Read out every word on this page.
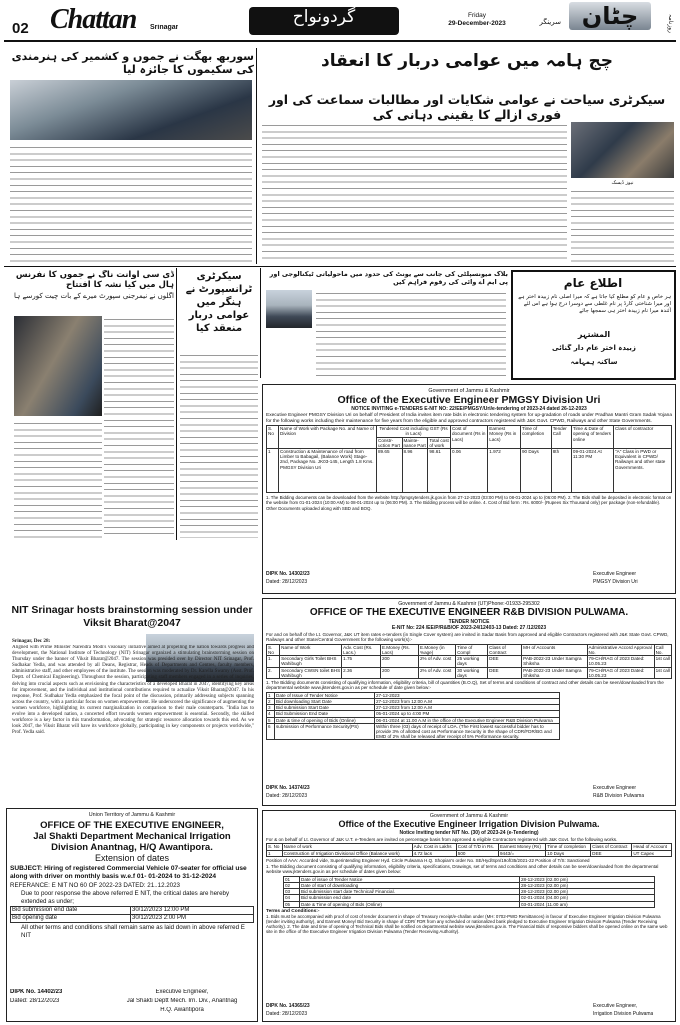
02 Chattan Srinagar
گردونواح	Friday
29-December-2023	سرینگر چٹان	روزنامہ
چج ہامہ میں عوامی دربار کا انعقاد
سیکرٹری سیاحت نے عوامی شکایات اور مطالبات سماعت کی اور فوری ازالے کا یقینی دہانی کی
نیوز ڈیسک
سوربھ بھگت نے جموں و کشمیر کی ہنرمندی کی سکیموں کا جائزہ لیا
ڈی سی اوانت ناگ نے جموں کا نفرنس ہال میں کیا نشہ کا افتتاح
اگلوں نے نیمرجنی سپورٹ میرے کے بات چیت کورسے ہا
سیکرٹری ٹرانسپورٹ نے ہنگر میں عوامی دربار منعقد کیا
بلاک میونسپلٹی کی جانب سے یونٹ کی حدود میں ماحولیاتی ٹیکنالوجی اور پی ایم اے وائی کی رقوم فراہم کیں	اطلاع عام
ہر خاص و عام کو مطلع کیا جاتا ہے کہ میرا اصلی نام زبیدہ اختر ہے اور میرا شناختی کارڈ پر نام غلطی سے دوسرا درج ہوا ہے اس لئے آئندہ میرا نام زبیدہ اختر ہی سمجھا جائے
المشتہر
زبیدہ اختر عام دار گنائی
ساکنہ ہمہامہ
Government of Jammu & Kashmir
Office of the Executive Engineer PMGSY Division Uri
NOTICE INVITING e-TENDERS E-NIT NO: 22/EE/PMGSY/Uri/e-tendering of 2023-24 dated 26-12-2023
Executive Engineer PMGSY Division Uri on behalf of President of India invites item rate bids in electronic tendering system for up-gradation of roads under Pradhan Mantri Gram Sadak Yojana for the following works including their maintenance for five years from the eligible and approved contractors registered with J&K Govt. CPWD, Railways and other State Governments.
S. No	Name of Work with Package No. and Name of Division	Tendered Cost including GST (Rs in Lacs)			Cost of document (Rs in Lacs)	Earnest Money (Rs in Lacs)	Time of completion	Tender Call	Time & Date of opening of tenders online	Class of contractor
		Constr-uction Part	Mainte-nance Part	Total cost of work						
1	Construction & Maintenance of road from Limber to Babagail, (Balance Work) Stage-2nd, Package No. JK03-145, Length 1.8 Kms. PMGSY Division Uri	89.65	8.96	98.61	0.06	1.972	90 Days	8th	09-01-2024 At 11:30 PM	"A" Class in PWD or Equivalent in CPWD/ Railways and other state Governments.
1. The Bidding documents can be downloaded from the website http://pmgsytenders.jk.gov.in from 27-12-2023 (03:00 PM) to 08-01-2024 up to (06:00 PM). 2. The Bids shall be deposited in electronic format on the website from 01-01-2024 (10:00 AM) to 08-01-2024 up to (06:00 PM). 3. The Bidding process will be online. 4. Cost of Bid form : Rs. 6000/- (Rupees Six Thousand only) per package (non-refundable). Other Documents uploaded along with SBD and BOQ.
DIPK No. 14302/23
Dated: 28/12/2023
Executive Engineer
PMGSY Division Uri
NIT Srinagar hosts brainstorming session under Viksit Bharat@2047
Srinagar, Dec 28:
Aligned with Prime Minister Narendra Modi's visionary initiative aimed at propelling the nation towards progress and development, the National Institute of Technology (NIT) Srinagar organized a stimulating brainstorming session on Thursday under the banner of Viksit Bharat@2047. The session was presided over by Director NIT Srinagar, Prof. Sudhakar Yedla, and was attended by all Deans, Registrar, Heads of Departments and Centres, faculty members, administrative staff, and other employees of the institute. The session was moderated by Dr. Karella Swamy (Asst. Prof. Deptt. of Chemical Engineering). Throughout the session, participating staff members engaged in a series of inquiries, delving into crucial aspects such as envisioning the characteristics of a developed Bharat in 2047, identifying key areas for improvement, and the individual and institutional contributions required to actualize Viksit Bharat@2047. In his response, Prof. Sudhakar Yedla emphasized the focal point of the discussion, primarily addressing subjects spanning across the country, with a particular focus on women empowerment. He underscored the significance of augmenting the women workforce, highlighting its current marginalization in comparison to their male counterparts. "India has to evolve into a developed nation, a concerted effort towards women empowerment is essential. Secondly, the skilled workforce is a key factor in this transformation, advocating for strategic resource allocation towards this end. As we look 2047, the Viksit Bharat will have its workforce globally, participating in key components or projects worldwide," Prof. Yedla said.
Government of Jammu & Kashmir (UT)Phone:-01933-295302
OFFICE OF THE EXECUTIVE ENGINEER R&B DIVISION PULWAMA.
TENDER NOTICE
E-NIT No: 224 /EE/P/R&B/OF 2023-24/12403-13 Dated: 27 /12/2023
For and on behalf of the Lt. Governor, J&K UT item rates e-tenders (in Single Cover system) are invited in Sadar Basis from approved and eligible Contractors registered with J&K State Govt. CPWD, Railways and other State/Central Government for the following work(s):-
S. No	Name of Work	Adv. Cost (Rs. Lacs.)	E.Money (Rs. Lacs)	E.Money (in %age)	Time of Compl	Class of Contract	MH of Accounts	Administrative Accord Approval No.	Call No.
1.	Secondary Girls Toilet BHS Wahibugh	1.75	200	2% of Adv. cost	25 working days	DEE	PAB-2022-23 Under Samgra Shiksha	79-CH/RAG of 2023 Dated: 10.05.23	1st call
2.	Secondary CWSN toilet BHS Wahibugh	2.36	200	2% of Adv. cost	30 working days	DEE	PAB-2022-23 Under Samgra Shiksha	79-CH/RAG of 2023 Dated: 10.05.23	1st call
1. The Bidding documents consisting of qualifying information, eligibility criteria, bill of quantities (B.O.Q), Set of terms and conditions of contract and other details can be seen/downloaded from the departmental website www.jktenders.gov.in as per schedule of date given below:-
1	Date of Issue of Tender Notice	27-12-2023
2	Bid downloading Start Date	27-12-2023 from 12:00 A.M
3	Bid submission Start Date	27-12-2023 from 12:00 A.M
4	Bid Submission End Date	05-01-2024 up to 4:00 PM
5	Date & time of opening of Bids (Online)	06-01-2024 at 11.00 A.M in the office of the Executive Engineer R&B Division Pulwama
6	submission of Performance Security(PS)	Within three (03) days of receipt of LOA. (The First lowest successful bidder has to provide 3% of allotted cost as Performance Security in the shape of CDR/FDR/BG and EMD of 2% shall be released after receipt of 5% Performance security.
DIPK No. 14374/23
Dated: 28/12/2023
Executive Engineer
R&B Division Pulwama
Union Territory of Jammu & Kashmir
OFFICE OF THE EXECUTIVE ENGINEER,
Jal Shakti Department Mechanical Irrigation
Division Anantnag, H/Q Awantipora.
Extension of dates
SUBJECT: Hiring of registered Commercial Vehicle 07-seater for official use along with driver on monthly basis w.e.f 01- 01-2024 to 31-12-2024
REFERANCE: E NIT NO 60 OF 2022-23 DATED: 21..12.2023
Due to poor response the above referred E NIT, the critical dates are hereby extended as under;
Bid submission end date	30/12/2023 12:00 PM
Bid opening date	30/12/2023 2:00 PM
All other terms and conditions shall remain same as laid down in above referred E NIT
DIPK No. 14402/23
Dated: 28/12/2023
Executive Engineer,
Jal Shakti Deptt Mech. Irri. Div., Anantnag
H.Q. Awantipora
Government of Jammu & Kashmir
Office of the Executive Engineer Irrigation Division Pulwama.
Notice Inviting tender NIT No. (30) of 2023-24 (e-Tendering)
For & on behalf of Lt. Governor of J&K U.T. e-Tenders are invited on percentage basis from approved & eligible Contractors registered with J&K Govt. for the following works.
S. No	Name of work	Adv. Cost in Lakhs	Cost of T/D in Rs.	Earnest Money (Rs)	Time of completion	Class of Contract	Head of Account
1	Construction of Irrigation Divisional Office (Balance work)	4.72 lacs	500	9443/=	10 Days	DEE	UT Capex
Position of AAA: Accorded vide, Superintending Engineer Hyd. Circle Pulwama H.Q. Shopian's order No. SE/Hyd/Spn/19of/35/2021-22 Position of T/S: Sanctioned
1. The Bidding document consisting of qualifying information, eligibility criteria, specifications, Drawings, set of terms and conditions and other details can be seen/downloaded from the departmental website www.jktenders.gov.in as per schedule of dates given below:
01	Date of issue of Tender Notice	28-12-2023 (02.00 pm)
02	Date of start of downloading	28-12-2023 (02.00 pm)
03	Bid submission start date Technical/ Financial.	28-12-2023 (02.00 pm)
04	Bid submission end date	02-01-2024 (04.00 pm)
05	Date & Time of opening of Bids (Online)	03-01-2024 (11.00 am)
Terms and Conditions:-
1. Bids must be accompanied with proof of cost of tender document in shape of Treasury receipt/e-challan under (MH: 0702-PWD Remittances) in favour of Executive Engineer Irrigation Division Pulwama (tender inviting authority), and Earnest Money/ Bid Security in shape of CDR/ FDR from any scheduled or nationalized bank pledged to Executive Engineer Irrigation Division Pulwama (Tender Receiving Authority). 2. The date and time of opening of Technical Bids shall be notified on departmental website www.jktenders.gov.in. The Financial Bids of responsive bidders shall be opened online on the same web site in the office of the Executive Engineer Irrigation Division Pulwama (Tender Receiving Authority).
DIPK No. 14365/23
Dated: 28/12/2023
Executive Engineer,
Irrigation Division Pulwama
